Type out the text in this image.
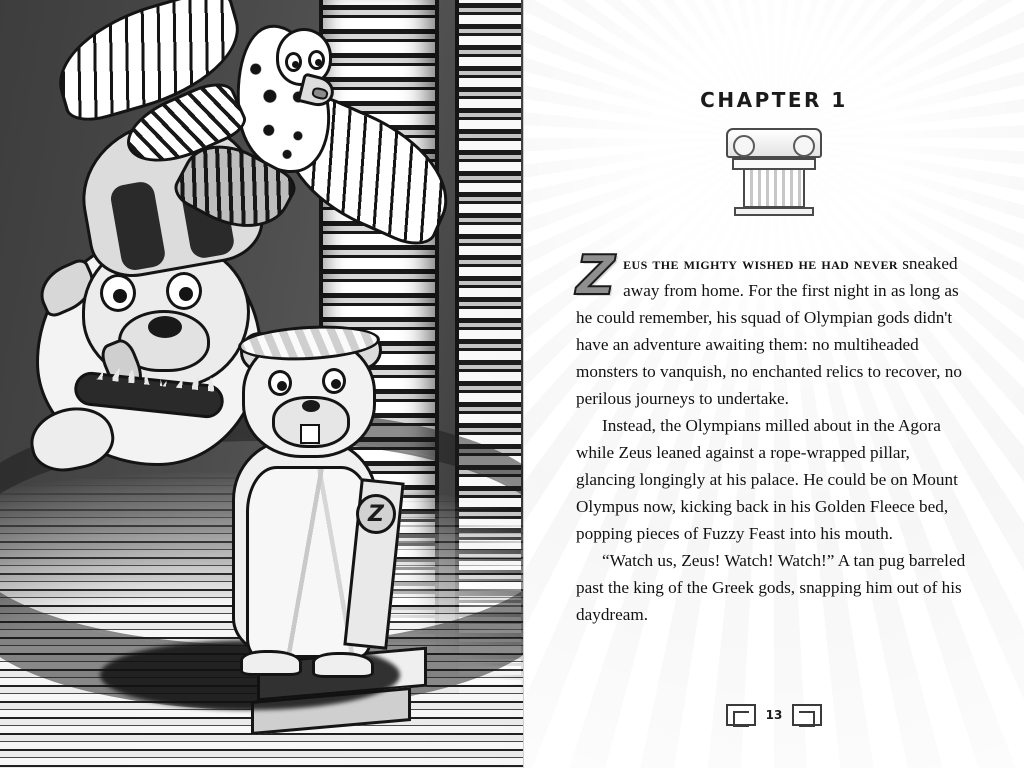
Z
CHAPTER 1

Zeus the mighty wished he had never sneaked away from home. For the first night in as long as he could remember, his squad of Olympian gods didn't have an adventure awaiting them: no multiheaded monsters to vanquish, no enchanted relics to recover, no perilous journeys to undertake.

Instead, the Olympians milled about in the Agora while Zeus leaned against a rope-wrapped pillar, glancing longingly at his palace. He could be on Mount Olympus now, kicking back in his Golden Fleece bed, popping pieces of Fuzzy Feast into his mouth.

“Watch us, Zeus! Watch! Watch!” A tan pug barreled past the king of the Greek gods, snapping him out of his daydream.

13
